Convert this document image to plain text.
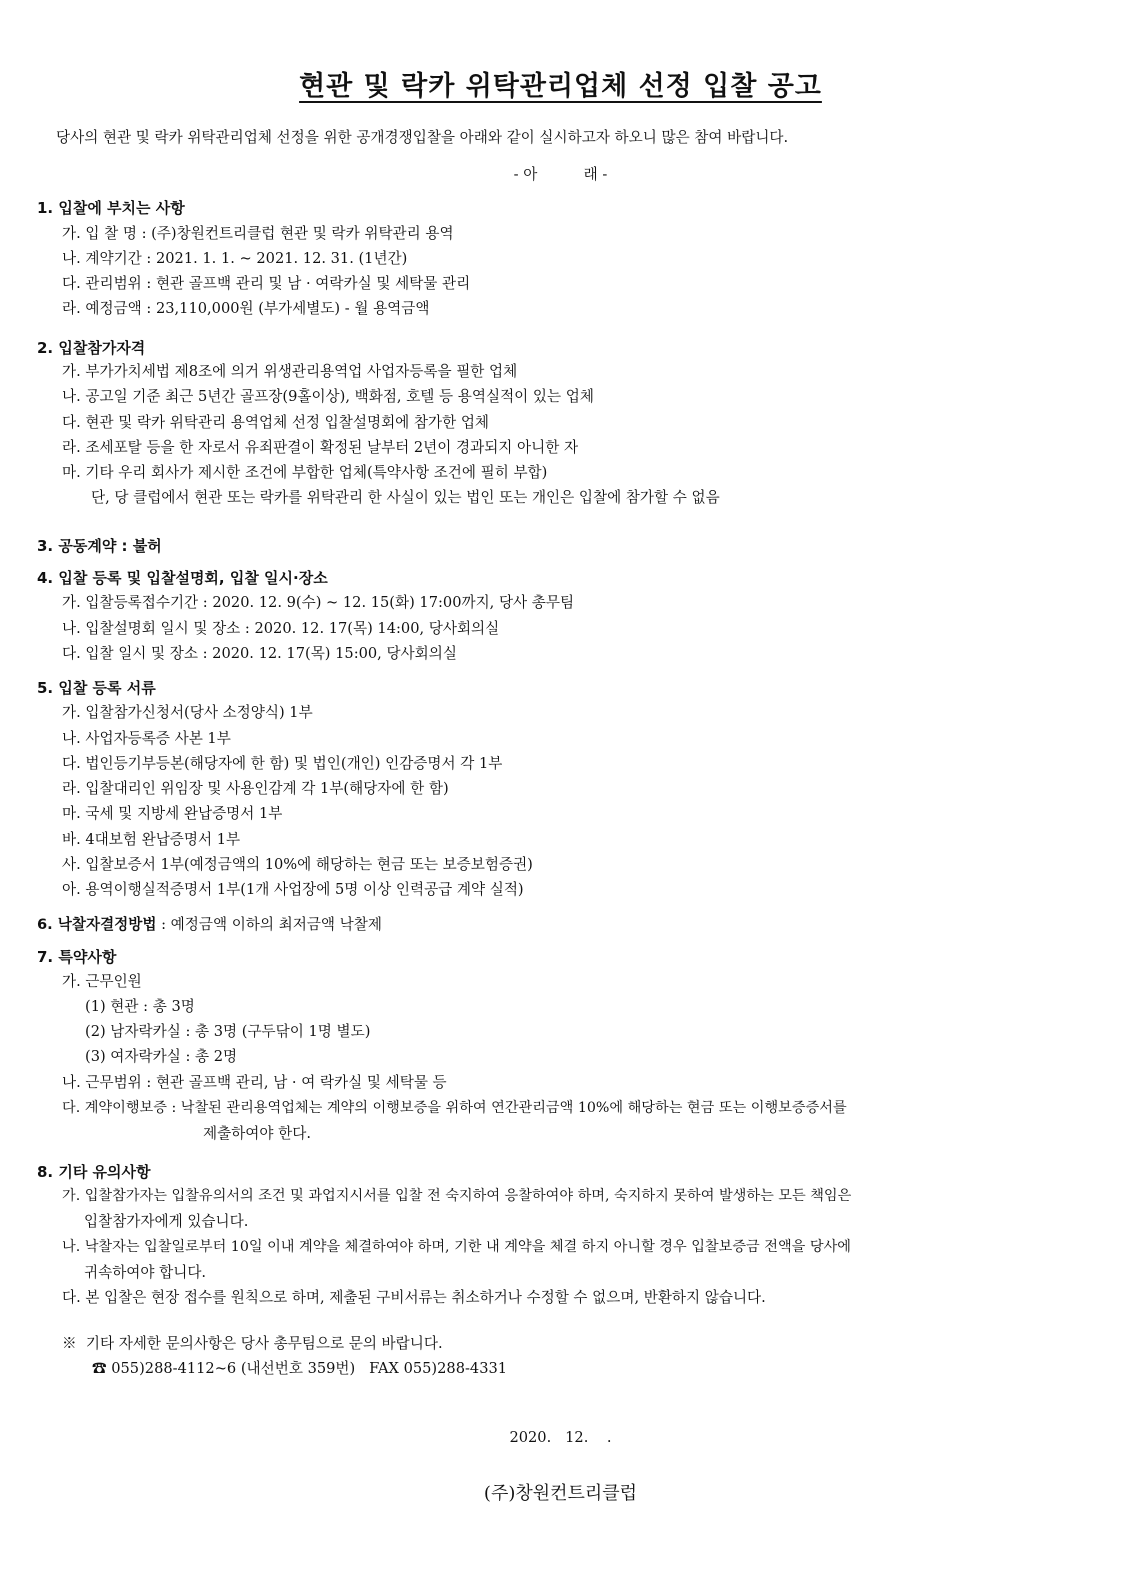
현관 및 락카 위탁관리업체 선정 입찰 공고
당사의 현관 및 락카 위탁관리업체 선정을 위한 공개경쟁입찰을 아래와 같이 실시하고자 하오니 많은 참여 바랍니다.
- 아          래 -
1. 입찰에 부치는 사항
가. 입 찰 명 : (주)창원컨트리클럽 현관 및 락카 위탁관리 용역
나. 계약기간 : 2021. 1. 1. ~ 2021. 12. 31. (1년간)
다. 관리범위 : 현관 골프백 관리 및 남 · 여락카실 및 세탁물 관리
라. 예정금액 : 23,110,000원 (부가세별도) - 월 용역금액
2. 입찰참가자격
가. 부가가치세법 제8조에 의거 위생관리용역업 사업자등록을 필한 업체
나. 공고일 기준 최근 5년간 골프장(9홀이상), 백화점, 호텔 등 용역실적이 있는 업체
다. 현관 및 락카 위탁관리 용역업체 선정 입찰설명회에 참가한 업체
라. 조세포탈 등을 한 자로서 유죄판결이 확정된 날부터 2년이 경과되지 아니한 자
마. 기타 우리 회사가 제시한 조건에 부합한 업체(특약사항 조건에 필히 부합)
단, 당 클럽에서 현관 또는 락카를 위탁관리 한 사실이 있는 법인 또는 개인은 입찰에 참가할 수 없음
3. 공동계약 : 불허
4. 입찰 등록 및 입찰설명회, 입찰 일시·장소
가. 입찰등록접수기간 : 2020. 12. 9(수) ~ 12. 15(화) 17:00까지, 당사 총무팀
나. 입찰설명회 일시 및 장소 : 2020. 12. 17(목) 14:00, 당사회의실
다. 입찰 일시 및 장소 : 2020. 12. 17(목) 15:00, 당사회의실
5. 입찰 등록 서류
가. 입찰참가신청서(당사 소정양식) 1부
나. 사업자등록증 사본 1부
다. 법인등기부등본(해당자에 한 함) 및 법인(개인) 인감증명서 각 1부
라. 입찰대리인 위임장 및 사용인감계 각 1부(해당자에 한 함)
마. 국세 및 지방세 완납증명서 1부
바. 4대보험 완납증명서 1부
사. 입찰보증서 1부(예정금액의 10%에 해당하는 현금 또는 보증보험증권)
아. 용역이행실적증명서 1부(1개 사업장에 5명 이상 인력공급 계약 실적)
6. 낙찰자결정방법 : 예정금액 이하의 최저금액 낙찰제
7. 특약사항
가. 근무인원
(1) 현관 : 총 3명
(2) 남자락카실 : 총 3명 (구두닦이 1명 별도)
(3) 여자락카실 : 총 2명
나. 근무범위 : 현관 골프백 관리, 남 · 여 락카실 및 세탁물 등
다. 계약이행보증 : 낙찰된 관리용역업체는 계약의 이행보증을 위하여 연간관리금액 10%에 해당하는 현금 또는 이행보증증서를
제출하여야 한다.
8. 기타 유의사항
가. 입찰참가자는 입찰유의서의 조건 및 과업지시서를 입찰 전 숙지하여 응찰하여야 하며, 숙지하지 못하여 발생하는 모든 책임은
입찰참가자에게 있습니다.
나. 낙찰자는 입찰일로부터 10일 이내 계약을 체결하여야 하며, 기한 내 계약을 체결 하지 아니할 경우 입찰보증금 전액을 당사에
귀속하여야 합니다.
다. 본 입찰은 현장 접수를 원칙으로 하며, 제출된 구비서류는 취소하거나 수정할 수 없으며, 반환하지 않습니다.
※  기타 자세한 문의사항은 당사 총무팀으로 문의 바랍니다.
☎ 055)288-4112~6 (내선번호 359번)   FAX 055)288-4331
2020.   12.    .
(주)창원컨트리클럽
